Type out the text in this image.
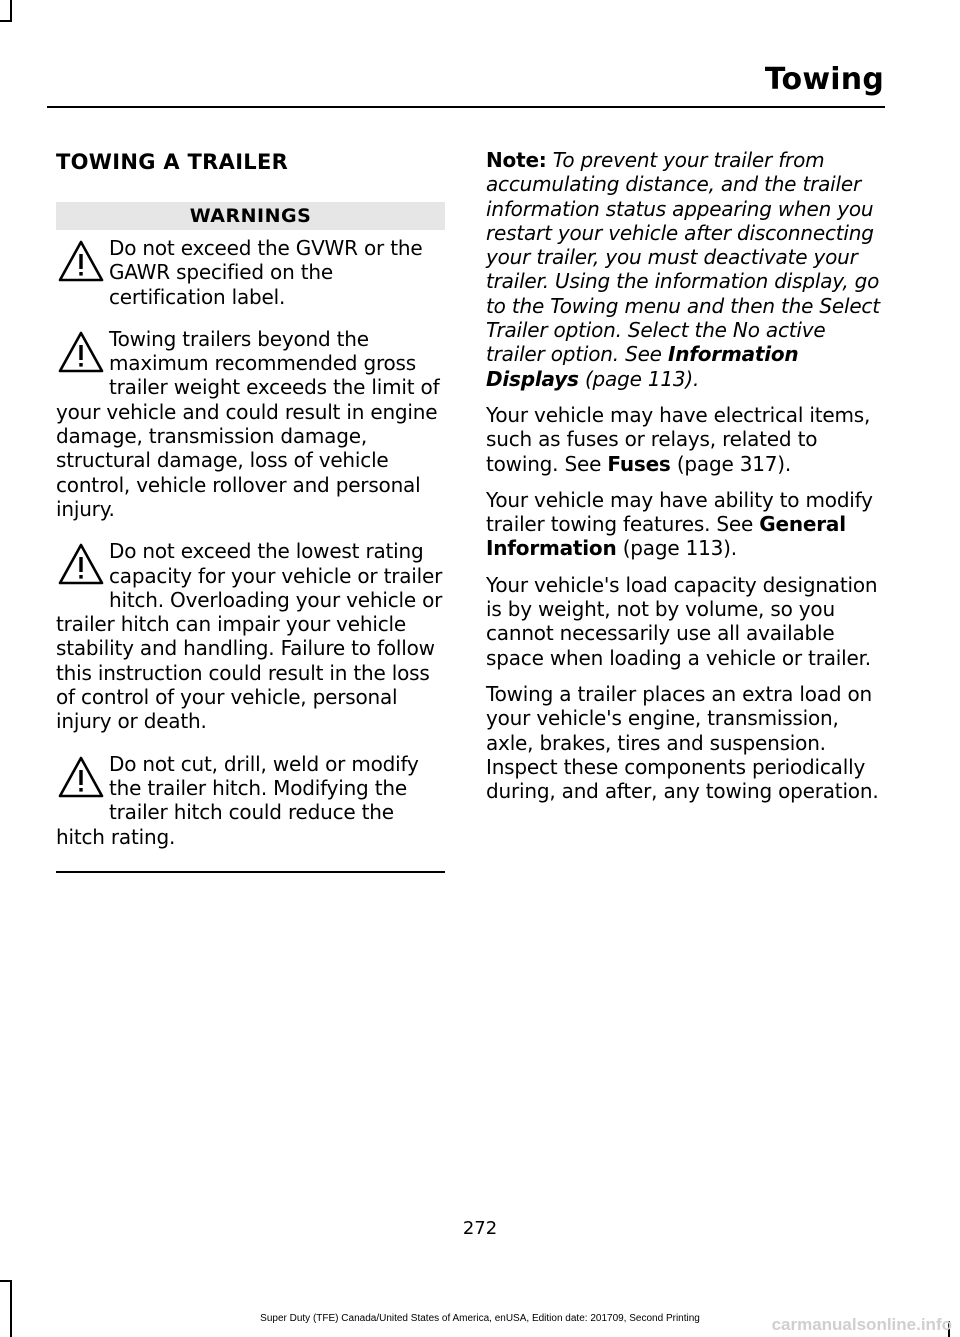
Towing
TOWING A TRAILER
WARNINGS
Do not exceed the GVWR or the GAWR specified on the certification label.
Towing trailers beyond the maximum recommended gross trailer weight exceeds the limit of your vehicle and could result in engine damage, transmission damage, structural damage, loss of vehicle control, vehicle rollover and personal injury.
Do not exceed the lowest rating capacity for your vehicle or trailer hitch. Overloading your vehicle or trailer hitch can impair your vehicle stability and handling. Failure to follow this instruction could result in the loss of control of your vehicle, personal injury or death.
Do not cut, drill, weld or modify the trailer hitch. Modifying the trailer hitch could reduce the hitch rating.

Note: To prevent your trailer from accumulating distance, and the trailer information status appearing when you restart your vehicle after disconnecting your trailer, you must deactivate your trailer. Using the information display, go to the Towing menu and then the Select Trailer option. Select the No active trailer option. See Information Displays (page 113).

Your vehicle may have electrical items, such as fuses or relays, related to towing. See Fuses (page 317).

Your vehicle may have ability to modify trailer towing features. See General Information (page 113).

Your vehicle's load capacity designation is by weight, not by volume, so you cannot necessarily use all available space when loading a vehicle or trailer.

Towing a trailer places an extra load on your vehicle's engine, transmission, axle, brakes, tires and suspension. Inspect these components periodically during, and after, any towing operation.

272
Super Duty (TFE) Canada/United States of America, enUSA, Edition date: 201709, Second Printing	carmanualsonline.info
